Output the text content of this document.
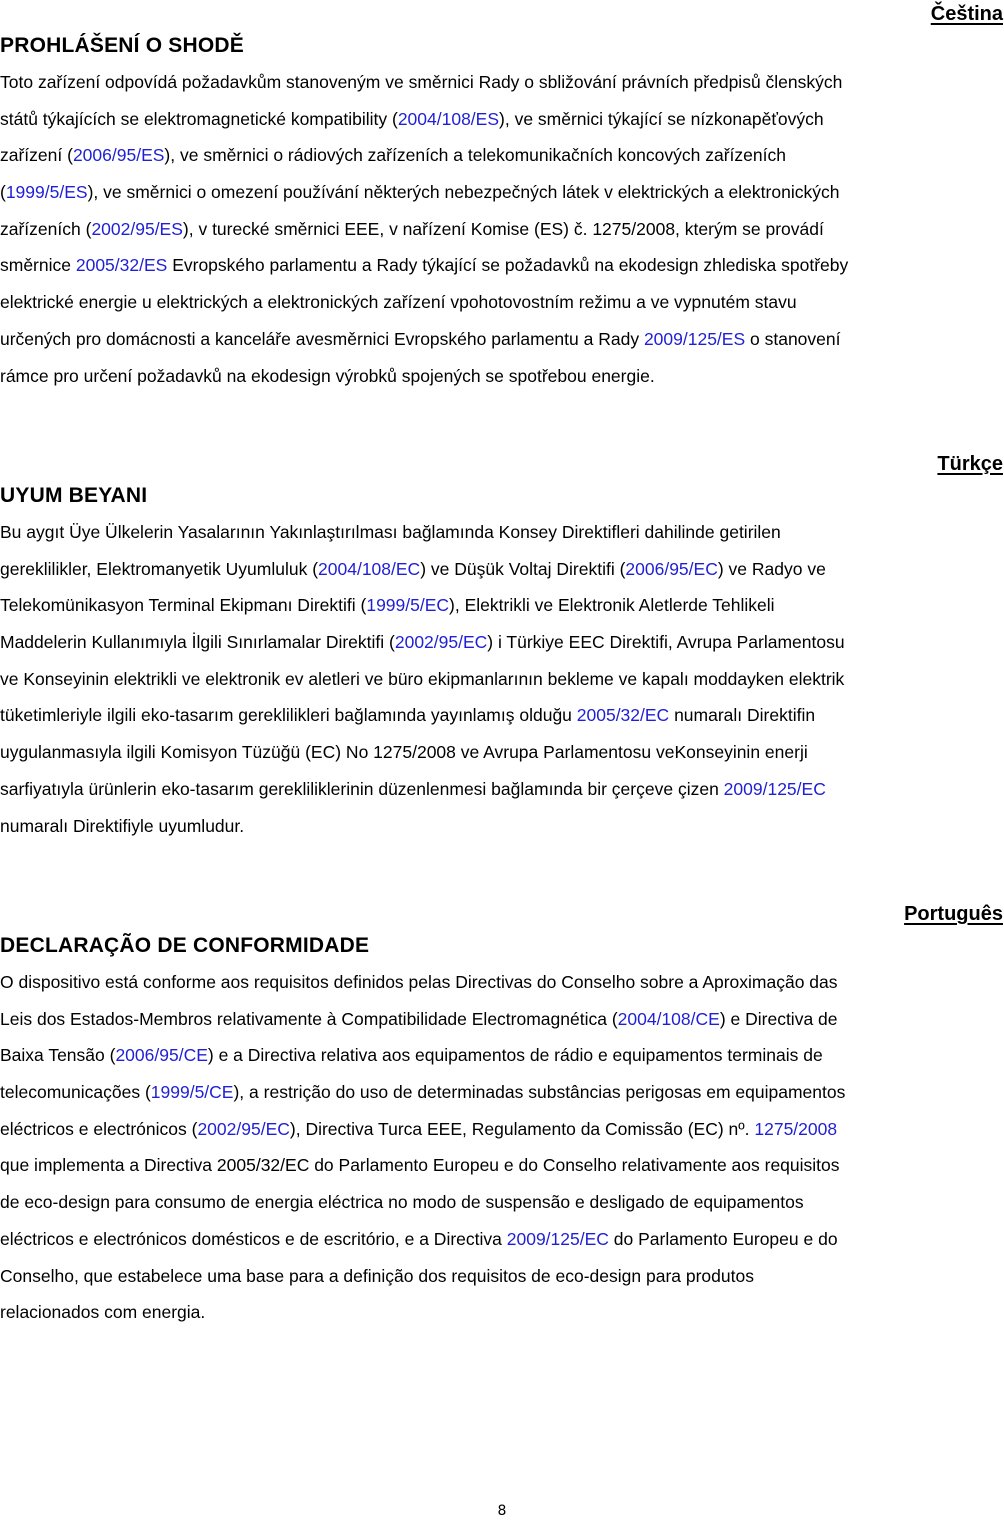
Čeština
PROHLÁŠENÍ O SHODĚ
Toto zařízení odpovídá požadavkům stanoveným ve směrnici Rady o sbližování právních předpisů členských
států týkajících se elektromagnetické kompatibility (2004/108/ES), ve směrnici týkající se nízkonapěťových
zařízení (2006/95/ES), ve směrnici o rádiových zařízeních a telekomunikačních koncových zařízeních
(1999/5/ES), ve směrnici o omezení používání některých nebezpečných látek v elektrických a elektronických
zařízeních (2002/95/ES), v turecké směrnici EEE, v nařízení Komise (ES) č. 1275/2008, kterým se provádí
směrnice 2005/32/ES Evropského parlamentu a Rady týkající se požadavků na ekodesign zhlediska spotřeby
elektrické energie u elektrických a elektronických zařízení vpohotovostním režimu a ve vypnutém stavu
určených pro domácnosti a kanceláře avesměrnici Evropského parlamentu a Rady 2009/125/ES o stanovení
rámce pro určení požadavků na ekodesign výrobků spojených se spotřebou energie.
Türkçe
UYUM BEYANI
Bu aygıt Üye Ülkelerin Yasalarının Yakınlaştırılması bağlamında Konsey Direktifleri dahilinde getirilen
gereklilikler, Elektromanyetik Uyumluluk (2004/108/EC) ve Düşük Voltaj Direktifi (2006/95/EC) ve Radyo ve
Telekomünikasyon Terminal Ekipmanı Direktifi (1999/5/EC), Elektrikli ve Elektronik Aletlerde Tehlikeli
Maddelerin Kullanımıyla İlgili Sınırlamalar Direktifi (2002/95/EC) i Türkiye EEC Direktifi, Avrupa Parlamentosu
ve Konseyinin elektrikli ve elektronik ev aletleri ve büro ekipmanlarının bekleme ve kapalı moddayken elektrik
tüketimleriyle ilgili eko-tasarım gereklilikleri bağlamında yayınlamış olduğu 2005/32/EC numaralı Direktifin
uygulanmasıyla ilgili Komisyon Tüzüğü (EC) No 1275/2008 ve Avrupa Parlamentosu veKonseyinin enerji
sarfiyatıyla ürünlerin eko-tasarım gerekliliklerinin düzenlenmesi bağlamında bir çerçeve çizen 2009/125/EC
numaralı Direktifiyle uyumludur.
Português
DECLARAÇÃO DE CONFORMIDADE
O dispositivo está conforme aos requisitos definidos pelas Directivas do Conselho sobre a Aproximação das
Leis dos Estados-Membros relativamente à Compatibilidade Electromagnética (2004/108/CE) e Directiva de
Baixa Tensão (2006/95/CE) e a Directiva relativa aos equipamentos de rádio e equipamentos terminais de
telecomunicações (1999/5/CE), a restrição do uso de determinadas substâncias perigosas em equipamentos
eléctricos e electrónicos (2002/95/EC), Directiva Turca EEE, Regulamento da Comissão (EC) nº. 1275/2008
que implementa a Directiva 2005/32/EC do Parlamento Europeu e do Conselho relativamente aos requisitos
de eco-design para consumo de energia eléctrica no modo de suspensão e desligado de equipamentos
eléctricos e electrónicos domésticos e de escritório, e a Directiva 2009/125/EC do Parlamento Europeu e do
Conselho, que estabelece uma base para a definição dos requisitos de eco-design para produtos
relacionados com energia.
8
